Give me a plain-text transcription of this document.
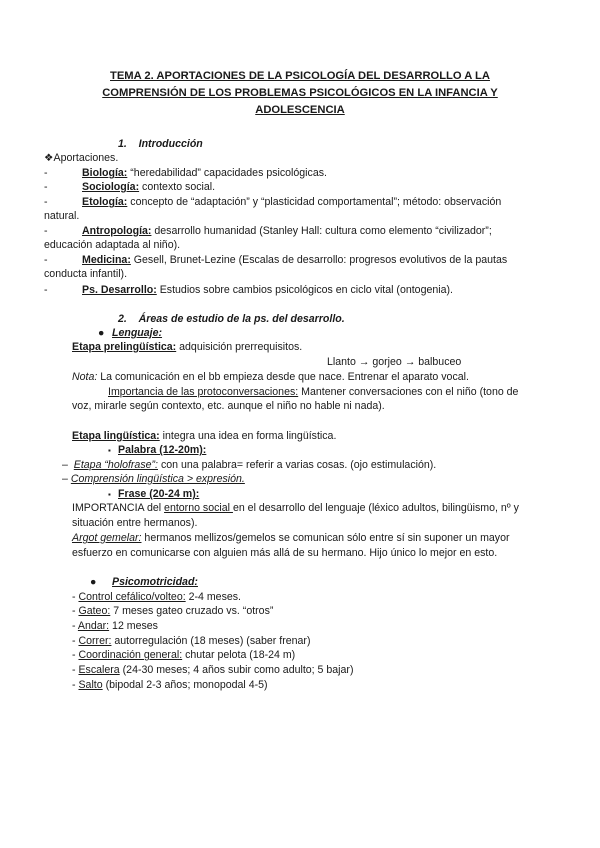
TEMA 2. APORTACIONES DE LA PSICOLOGÍA DEL DESARROLLO A LA
COMPRENSIÓN DE LOS PROBLEMAS PSICOLÓGICOS EN LA INFANCIA Y
ADOLESCENCIA
1. Introducción
❖Aportaciones.
-	Biología: “heredabilidad” capacidades psicológicas.
-	Sociología: contexto social.
-	Etología: concepto de “adaptación” y “plasticidad comportamental”; método: observación
natural.
-	Antropología: desarrollo humanidad (Stanley Hall: cultura como elemento “civilizador”;
educación adaptada al niño).
-	Medicina: Gesell, Brunet-Lezine (Escalas de desarrollo: progresos evolutivos de la pautas
conducta infantil).
-	Ps. Desarrollo: Estudios sobre cambios psicológicos en ciclo vital (ontogenia).
2. Áreas de estudio de la ps. del desarrollo.
● Lenguaje:
Etapa prelingüística: adquisición prerrequisitos.
Llanto → gorjeo → balbuceo
Nota: La comunicación en el bb empieza desde que nace. Entrenar el aparato vocal.
Importancia de las protoconversaciones: Mantener conversaciones con el niño (tono de
voz, mirarle según contexto, etc. aunque el niño no hable ni nada).
Etapa lingüística: integra una idea en forma lingüística.
▪ Palabra (12-20m):
–  Etapa “holofrase”: con una palabra= referir a varias cosas. (ojo estimulación).
– Comprensión lingüística > expresión.
▪ Frase (20-24 m):
IMPORTANCIA del entorno social en el desarrollo del lenguaje (léxico adultos, bilingüismo, nº y
situación entre hermanos).
Argot gemelar: hermanos mellizos/gemelos se comunican sólo entre sí sin suponer un mayor
esfuerzo en comunicarse con alguien más allá de su hermano. Hijo único lo mejor en esto.
● Psicomotricidad:
- Control cefálico/volteo: 2-4 meses.
- Gateo: 7 meses gateo cruzado vs. “otros”
- Andar: 12 meses
- Correr: autorregulación (18 meses) (saber frenar)
- Coordinación general: chutar pelota (18-24 m)
- Escalera (24-30 meses; 4 años subir como adulto; 5 bajar)
- Salto (bipodal 2-3 años; monopodal 4-5)
